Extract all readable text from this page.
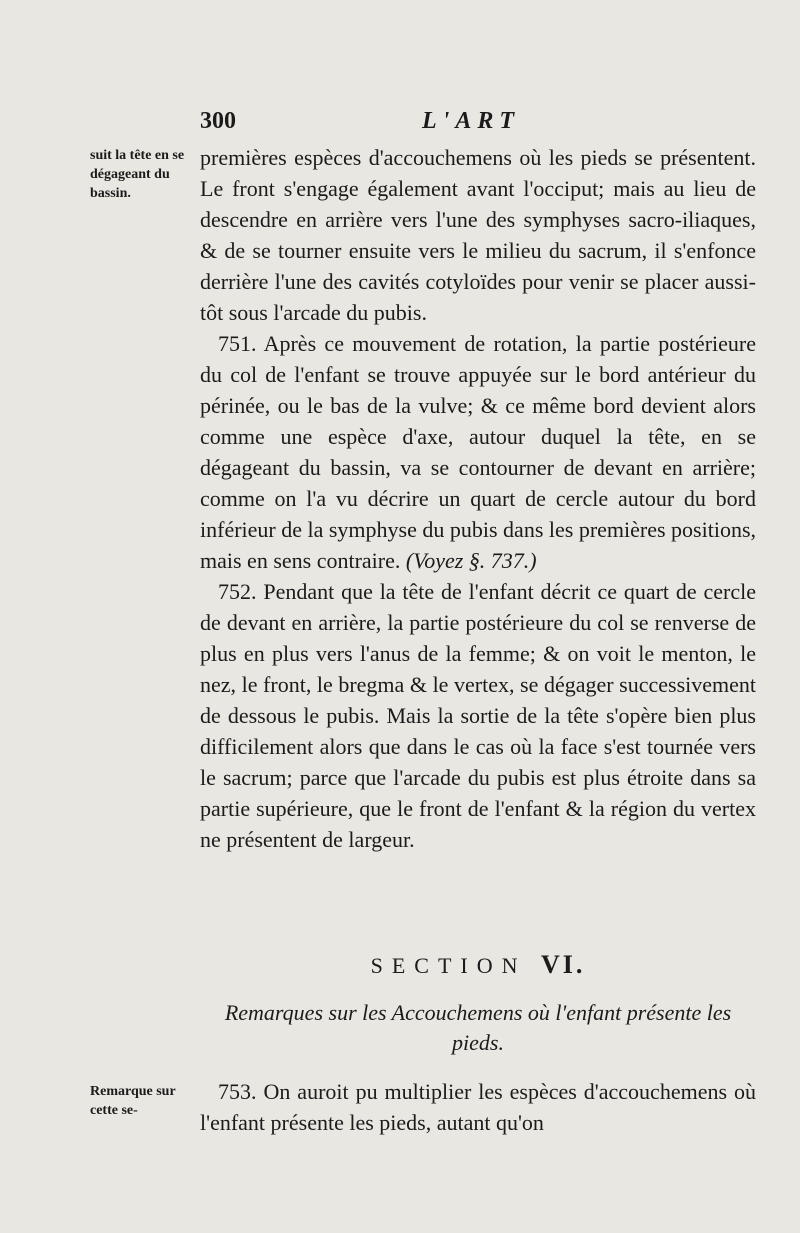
300	L'ART
suit la tête en se dégageant du bassin.

premières espèces d'accouchemens où les pieds se présentent. Le front s'engage également avant l'occiput; mais au lieu de descendre en arrière vers l'une des symphyses sacro-iliaques, & de se tourner ensuite vers le milieu du sacrum, il s'enfonce derrière l'une des cavités cotyloïdes pour venir se placer aussi-tôt sous l'arcade du pubis.

751. Après ce mouvement de rotation, la partie postérieure du col de l'enfant se trouve appuyée sur le bord antérieur du périnée, ou le bas de la vulve; & ce même bord devient alors comme une espèce d'axe, autour duquel la tête, en se dégageant du bassin, va se contourner de devant en arrière; comme on l'a vu décrire un quart de cercle autour du bord inférieur de la symphyse du pubis dans les premières positions, mais en sens contraire. (Voyez §. 737.)

752. Pendant que la tête de l'enfant décrit ce quart de cercle de devant en arrière, la partie postérieure du col se renverse de plus en plus vers l'anus de la femme; & on voit le menton, le nez, le front, le bregma & le vertex, se dégager successivement de dessous le pubis. Mais la sortie de la tête s'opère bien plus difficilement alors que dans le cas où la face s'est tournée vers le sacrum; parce que l'arcade du pubis est plus étroite dans sa partie supérieure, que le front de l'enfant & la région du vertex ne présentent de largeur.

SECTION VI.
Remarques sur les Accouchemens où l'enfant présente les pieds.
Remarque sur cette se-

753. On auroit pu multiplier les espèces d'accouchemens où l'enfant présente les pieds, autant qu'on
